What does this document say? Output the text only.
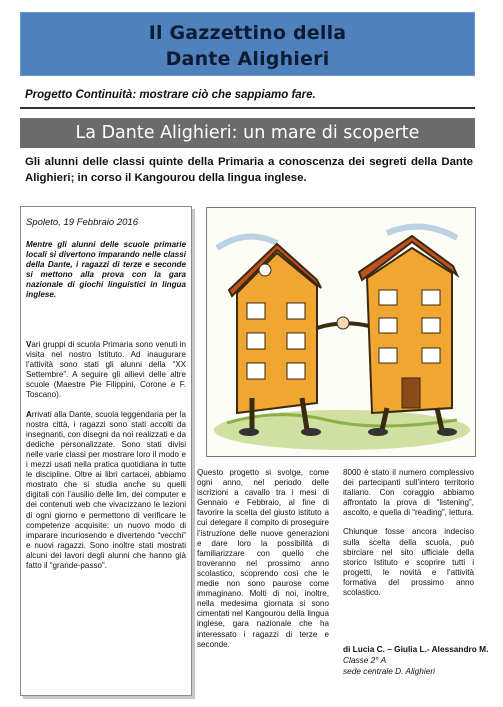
Il Gazzettino della
Dante Alighieri
Progetto Continuità: mostrare ciò che sappiamo fare.
La Dante Alighieri: un mare di scoperte
Gli alunni delle classi quinte della Primaria a conoscenza dei segreti della Dante Alighieri; in corso il Kangourou della lingua inglese.
Spoleto, 19 Febbraio 2016
Mentre gli alunni delle scuole primarie locali si divertono imparando nelle classi della Dante, i ragazzi di terze e seconde si mettono alla prova con la gara nazionale di giochi linguistici in lingua inglese.

Vari gruppi di scuola Primaria sono venuti in visita nel nostro Istituto. Ad inaugurare l’attività sono stati gli alunni della “XX Settembre”. A seguire gli allievi delle altre scuole (Maestre Pie Filippini, Corone e F. Toscano).

Arrivati alla Dante, scuola leggendaria per la nostra città, i ragazzi sono stati accolti da insegnanti, con disegni da noi realizzati e da dediche personalizzate. Sono stati divisi nelle varie classi per mostrare loro il modo e i mezzi usati nella pratica quotidiana in tutte le discipline. Oltre ai libri cartacei, abbiamo mostrato che si studia anche su quelli digitali con l’ausilio delle lim, dei computer e dei contenuti web che vivacizzano le lezioni di ogni giorno e permettono di verificare le competenze acquisite: un nuovo modo di imparare incuriosendo e divertendo “vecchi” e nuovi ragazzi. Sono inoltre stati mostrati alcuni dei lavori degli alunni che hanno già fatto il “grande-passo”.

Questo progetto si svolge, come ogni anno, nel periodo delle iscrizioni a cavallo tra i mesi di Gennaio e Febbraio, al fine di favorire la scelta del giusto istituto a cui delegare il compito di proseguire l’istruzione delle nuove generazioni e dare loro la possibilità di familiarizzare con quello che troveranno nel prossimo anno scolastico, scoprendo così che le medie non sono paurose come immaginano. Molti di noi, inoltre, nella medesima giornata si sono cimentati nel Kangourou della lingua inglese, gara nazionale che ha interessato i ragazzi di terze e seconde.

8000 è stato il numero complessivo dei partecipanti sull’intero territorio italiano. Con coraggio abbiamo affrontato la prova di “listening”, ascolto, e quella di “reading”, lettura.

Chiunque fosse ancora indeciso sulla scelta della scuola, può sbirciare nel sito ufficiale della storico Istituto e scoprire tutti i progetti, le novità e l’attività formativa del prossimo anno scolastico.

di Lucia C. – Giulia L.- Alessandro M.
Classe 2° A
sede centrale D. Alighieri
